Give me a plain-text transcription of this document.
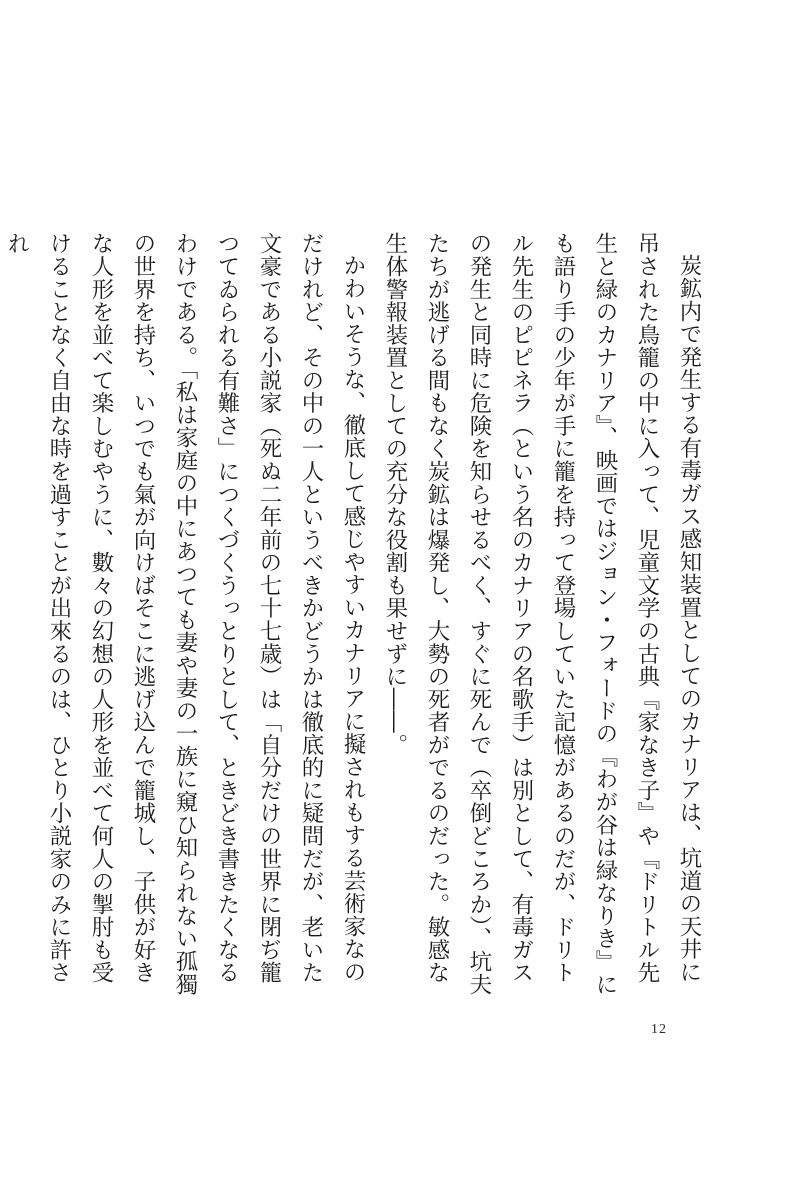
炭鉱内で発生する有毒ガス感知装置としてのカナリアは、坑道の天井に吊された鳥籠の中に入って、児童文学の古典『家なき子』や『ドリトル先生と緑のカナリア』、映画ではジョン・フォードの『わが谷は緑なりき』にも語り手の少年が手に籠を持って登場していた記憶があるのだが、ドリトル先生のピピネラ（という名のカナリアの名歌手）は別として、有毒ガスの発生と同時に危険を知らせるべく、すぐに死んで（卒倒どころか）、坑夫たちが逃げる間もなく炭鉱は爆発し、大勢の死者がでるのだった。敏感な生体警報装置としての充分な役割も果せずに――。

かわいそうな、徹底して感じやすいカナリアに擬されもする芸術家なのだけれど、その中の一人というべきかどうかは徹底的に疑問だが、老いた文豪である小説家（死ぬ二年前の七十七歳）は「自分だけの世界に閉ぢ籠つてゐられる有難さ」につくづくうっとりとして、ときどき書きたくなるわけである。「私は家庭の中にあつても妻や妻の一族に窺ひ知られない孤獨の世界を持ち、いつでも氣が向けばそこに逃げ込んで籠城し、子供が好きな人形を並べて楽しむやうに、數々の幻想の人形を並べて何人の掣肘も受けることなく自由な時を過すことが出來るのは、ひとり小説家のみに許され

12
